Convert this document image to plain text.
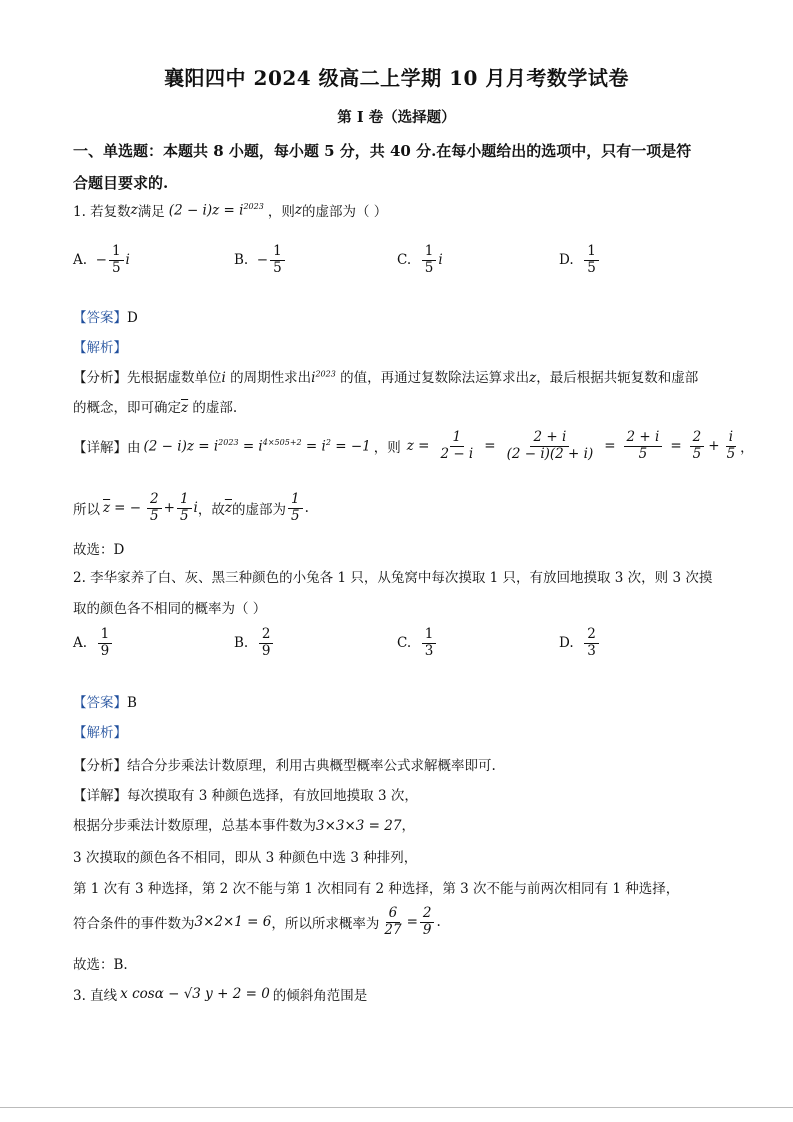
襄阳四中 2024 级高二上学期 10 月月考数学试卷
第 I 卷（选择题）
一、单选题：本题共 8 小题，每小题 5 分，共 40 分.在每小题给出的选项中，只有一项是符
合题目要求的.
1. 若复数 z 满足 $(2 - i)z = i^{2023}$ ，则 z 的虚部为（ ）
A. − $\frac{1}{5}$ i	B. − $\frac{1}{5}$	C.
$\frac{1}{5}$ i	D.
$\frac{1}{5}$
【答案】D
【解析】
【分析】先根据虚数单位i 的周期性求出$i^{2023}$ 的值，再通过复数除法运算求出z，最后根据共轭复数和虚部
的概念，即可确定$\overline{z}$ 的虚部.
【详解】 由 $(2 - i)z = i^{2023} = i^{4\times 505+2} = i^2 = -1$ ，则 $z = \frac{1}{2 - i} = \frac{2 + i}{(2 - i)(2 + i)} = \frac{2 + i}{5} = \frac{2}{5} + \frac{i}{5}$ ，
所以 $\overline{z}$ = − $\frac{2}{5} + \frac{1}{5}$ i ，故 $\overline{z}$ 的虚部为 $\frac{1}{5}$ .
故选：D
2. 李华家养了白、灰、黑三种颜色的小兔各 1 只，从兔窝中每次摸取 1 只，有放回地摸取 3 次，则 3 次摸
取的颜色各不相同的概率为（ ）
A.
$\frac{1}{9}$	B.
$\frac{2}{9}$	C.
$\frac{1}{3}$	D.
$\frac{2}{3}$
【答案】B
【解析】
【分析】结合分步乘法计数原理，利用古典概型概率公式求解概率即可.
【详解】每次摸取有 3 种颜色选择，有放回地摸取 3 次，
根据分步乘法计数原理，总基本事件数为3×3×3 = 27，
3 次摸取的颜色各不相同，即从 3 种颜色中选 3 种排列，
第 1 次有 3 种选择，第 2 次不能与第 1 次相同有 2 种选择，第 3 次不能与前两次相同有 1 种选择，
符合条件的事件数为 3×2×1 = 6 ，所以所求概率为 $\frac{6}{27} = \frac{2}{9}$ .
故选：B.
3. 直线 x cosα − √3 y + 2 = 0 的倾斜角范围是
